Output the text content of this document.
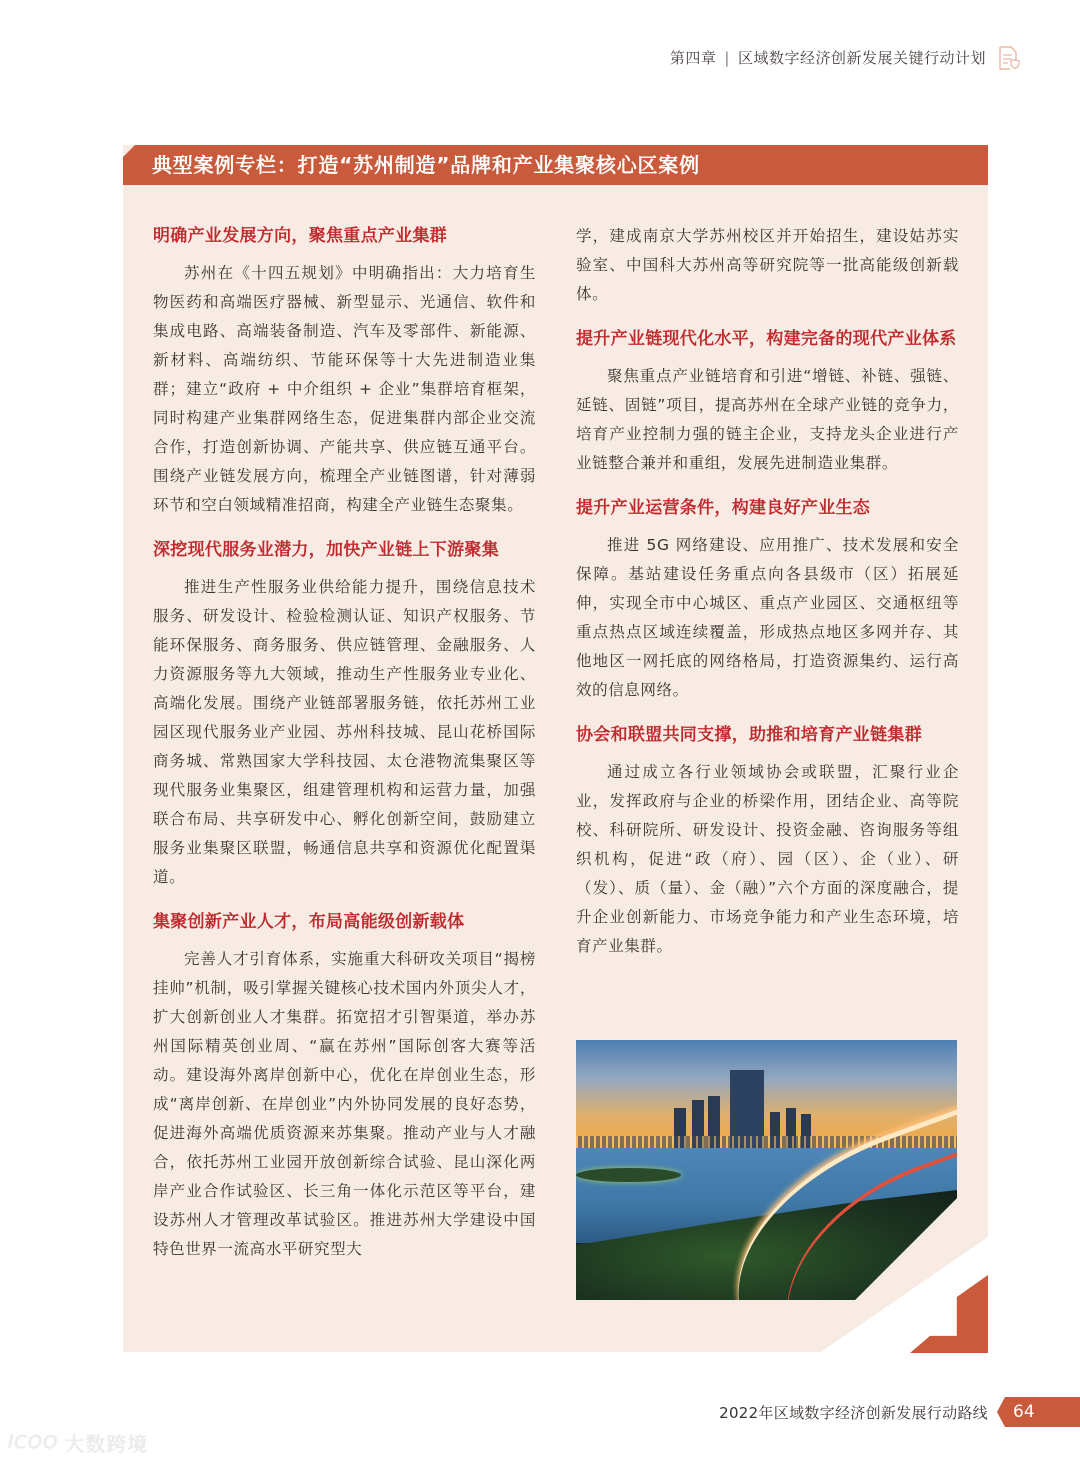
第四章 | 区域数字经济创新发展关键行动计划
典型案例专栏：打造“苏州制造”品牌和产业集聚核心区案例
明确产业发展方向，聚焦重点产业集群

苏州在《十四五规划》中明确指出：大力培育生物医药和高端医疗器械、新型显示、光通信、软件和集成电路、高端装备制造、汽车及零部件、新能源、新材料、高端纺织、节能环保等十大先进制造业集群；建立“政府 + 中介组织 + 企业”集群培育框架，同时构建产业集群网络生态，促进集群内部企业交流合作，打造创新协调、产能共享、供应链互通平台。围绕产业链发展方向，梳理全产业链图谱，针对薄弱环节和空白领域精准招商，构建全产业链生态聚集。

深挖现代服务业潜力，加快产业链上下游聚集

推进生产性服务业供给能力提升，围绕信息技术服务、研发设计、检验检测认证、知识产权服务、节能环保服务、商务服务、供应链管理、金融服务、人力资源服务等九大领域，推动生产性服务业专业化、高端化发展。围绕产业链部署服务链，依托苏州工业园区现代服务业产业园、苏州科技城、昆山花桥国际商务城、常熟国家大学科技园、太仓港物流集聚区等现代服务业集聚区，组建管理机构和运营力量，加强联合布局、共享研发中心、孵化创新空间，鼓励建立服务业集聚区联盟，畅通信息共享和资源优化配置渠道。

集聚创新产业人才，布局高能级创新载体

完善人才引育体系，实施重大科研攻关项目“揭榜挂帅”机制，吸引掌握关键核心技术国内外顶尖人才，扩大创新创业人才集群。拓宽招才引智渠道，举办苏州国际精英创业周、“赢在苏州”国际创客大赛等活动。建设海外离岸创新中心，优化在岸创业生态，形成“离岸创新、在岸创业”内外协同发展的良好态势，促进海外高端优质资源来苏集聚。推动产业与人才融合，依托苏州工业园开放创新综合试验、昆山深化两岸产业合作试验区、长三角一体化示范区等平台，建设苏州人才管理改革试验区。推进苏州大学建设中国特色世界一流高水平研究型大

学，建成南京大学苏州校区并开始招生，建设姑苏实验室、中国科大苏州高等研究院等一批高能级创新载体。

提升产业链现代化水平，构建完备的现代产业体系

聚焦重点产业链培育和引进“增链、补链、强链、延链、固链”项目，提高苏州在全球产业链的竞争力，培育产业控制力强的链主企业，支持龙头企业进行产业链整合兼并和重组，发展先进制造业集群。

提升产业运营条件，构建良好产业生态

推进 5G 网络建设、应用推广、技术发展和安全保障。基站建设任务重点向各县级市（区）拓展延伸，实现全市中心城区、重点产业园区、交通枢纽等重点热点区域连续覆盖，形成热点地区多网并存、其他地区一网托底的网络格局，打造资源集约、运行高效的信息网络。

协会和联盟共同支撑，助推和培育产业链集群

通过成立各行业领域协会或联盟，汇聚行业企业，发挥政府与企业的桥梁作用，团结企业、高等院校、科研院所、研发设计、投资金融、咨询服务等组织机构，促进“政（府）、园（区）、企（业）、研（发）、质（量）、金（融）”六个方面的深度融合，提升企业创新能力、市场竞争能力和产业生态环境，培育产业集群。

2022年区域数字经济创新发展行动路线 64
ICOO 大数跨境
